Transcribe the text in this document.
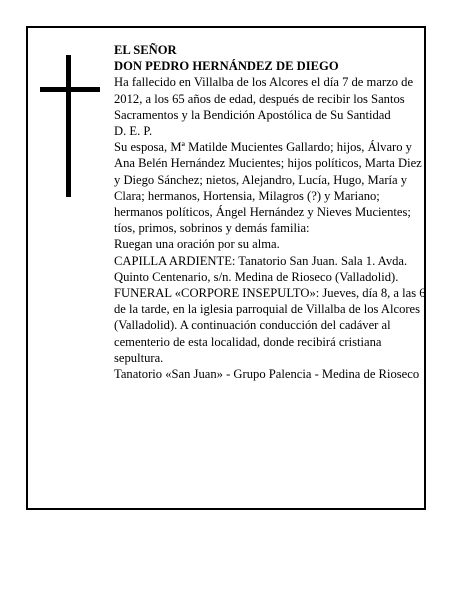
EL SEÑOR

DON PEDRO HERNÁNDEZ DE DIEGO

Ha fallecido en Villalba de los Alcores el día 7 de marzo de 2012, a los 65 años de edad, después de recibir los Santos Sacramentos y la Bendición Apostólica de Su Santidad

D. E. P.

Su esposa, Mª Matilde Mucientes Gallardo; hijos, Álvaro y Ana Belén Hernández Mucientes; hijos políticos, Marta Diez y Diego Sánchez; nietos, Alejandro, Lucía, Hugo, María y Clara; hermanos, Hortensia, Milagros (?) y Mariano; hermanos políticos, Ángel Hernández y Nieves Mucientes; tíos, primos, sobrinos y demás familia:

Ruegan una oración por su alma.

CAPILLA ARDIENTE: Tanatorio San Juan. Sala 1. Avda. Quinto Centenario, s/n. Medina de Rioseco (Valladolid).

FUNERAL «CORPORE INSEPULTO»: Jueves, día 8, a las 6 de la tarde, en la iglesia parroquial de Villalba de los Alcores (Valladolid). A continuación conducción del cadáver al cementerio de esta localidad, donde recibirá cristiana sepultura.

Tanatorio «San Juan» - Grupo Palencia - Medina de Rioseco
